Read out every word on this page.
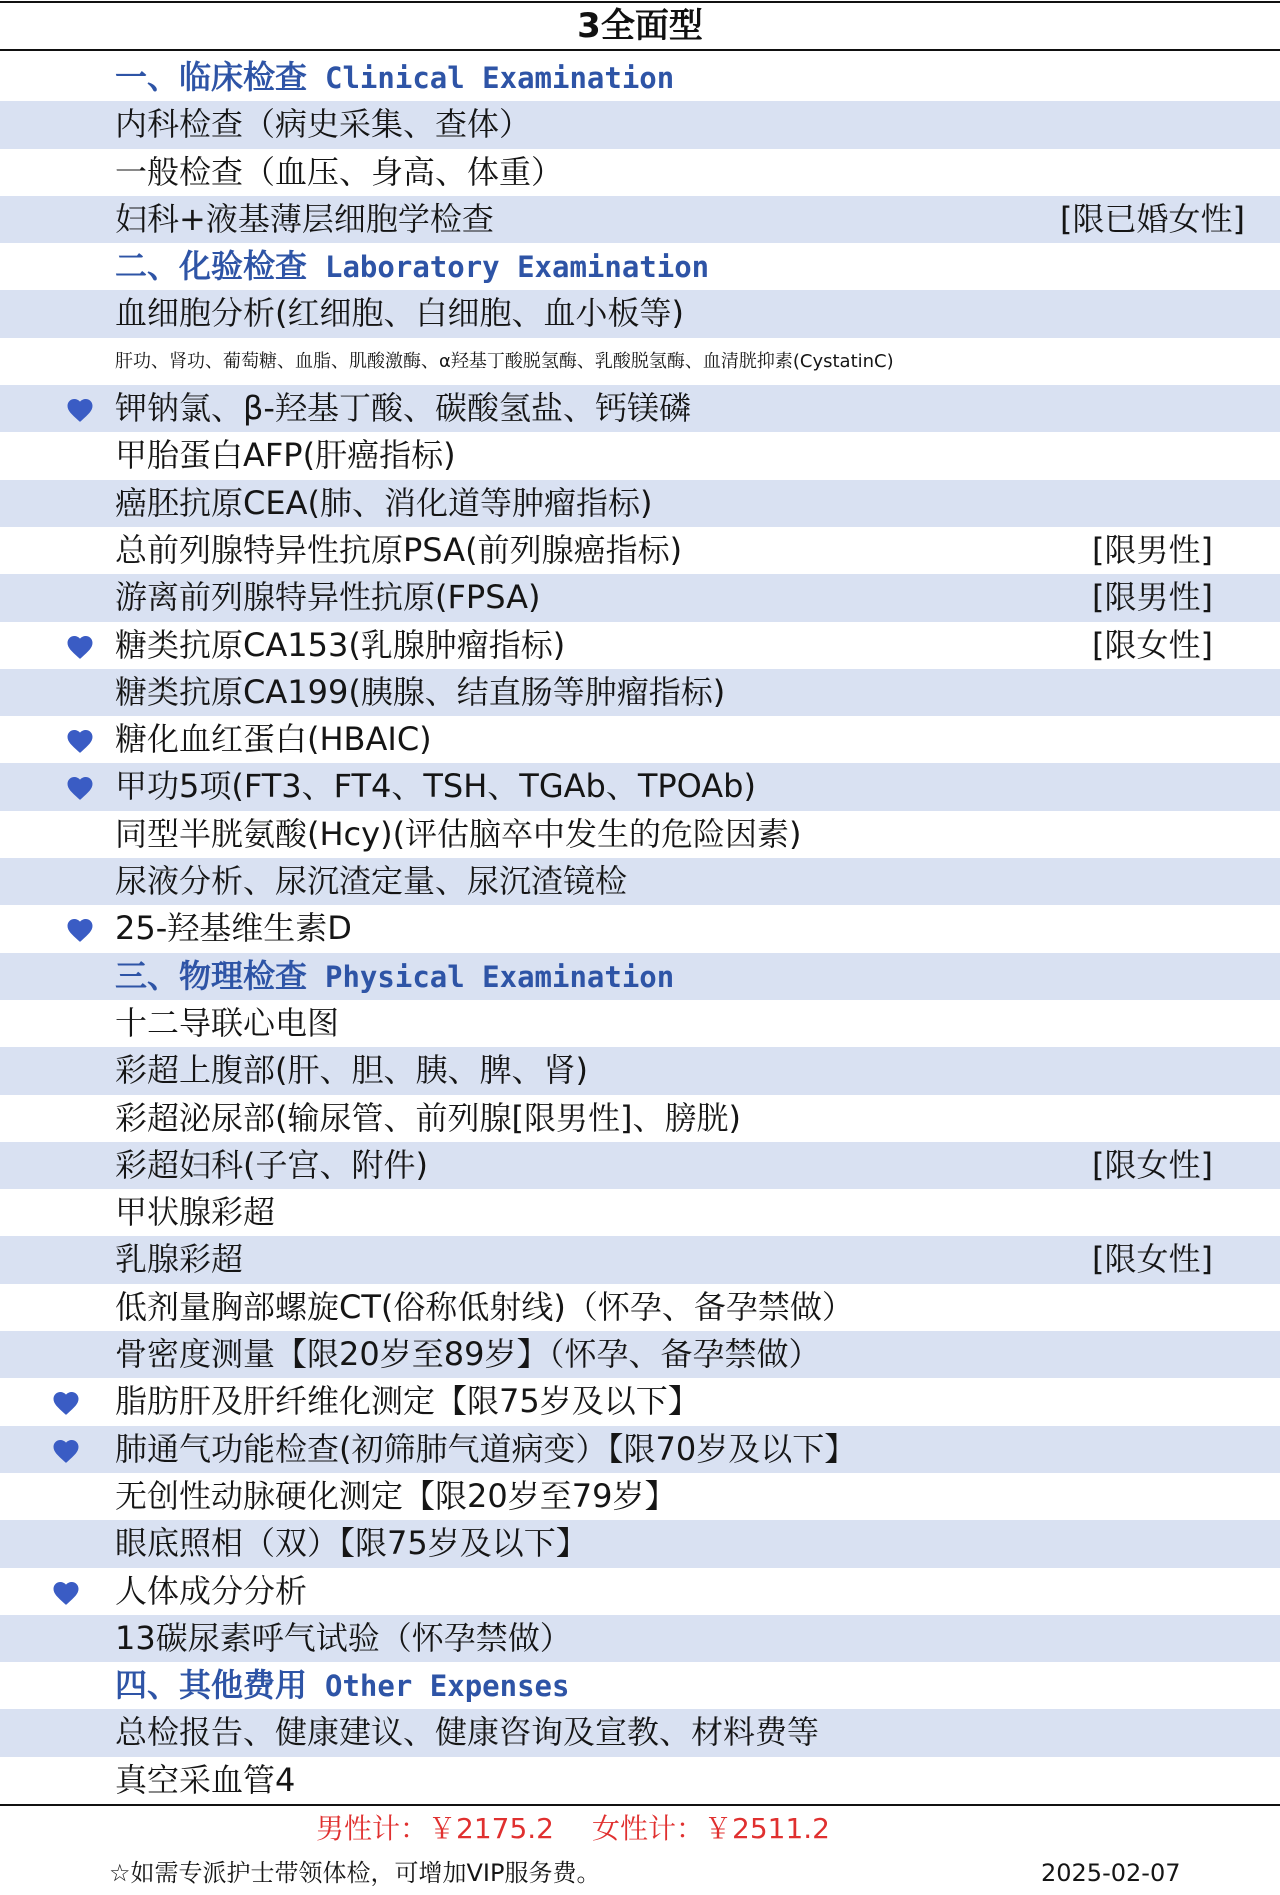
3全面型
一、临床检查 Clinical Examination
内科检查（病史采集、查体）
一般检查（血压、身高、体重）
妇科+液基薄层细胞学检查	[限已婚女性]
二、化验检查 Laboratory Examination
血细胞分析(红细胞、白细胞、血小板等)
肝功、肾功、葡萄糖、血脂、肌酸激酶、α羟基丁酸脱氢酶、乳酸脱氢酶、血清胱抑素(CystatinC)
钾钠氯、β-羟基丁酸、碳酸氢盐、钙镁磷
甲胎蛋白AFP(肝癌指标)
癌胚抗原CEA(肺、消化道等肿瘤指标)
总前列腺特异性抗原PSA(前列腺癌指标)	[限男性]
游离前列腺特异性抗原(FPSA)	[限男性]
糖类抗原CA153(乳腺肿瘤指标)	[限女性]
糖类抗原CA199(胰腺、结直肠等肿瘤指标)
糖化血红蛋白(HBAIC)
甲功5项(FT3、FT4、TSH、TGAb、TPOAb)
同型半胱氨酸(Hcy)(评估脑卒中发生的危险因素)
尿液分析、尿沉渣定量、尿沉渣镜检
25-羟基维生素D
三、物理检查 Physical Examination
十二导联心电图
彩超上腹部(肝、胆、胰、脾、肾)
彩超泌尿部(输尿管、前列腺[限男性]、膀胱)
彩超妇科(子宫、附件)	[限女性]
甲状腺彩超
乳腺彩超	[限女性]
低剂量胸部螺旋CT(俗称低射线)（怀孕、备孕禁做）
骨密度测量【限20岁至89岁】（怀孕、备孕禁做）
脂肪肝及肝纤维化测定【限75岁及以下】
肺通气功能检查(初筛肺气道病变）【限70岁及以下】
无创性动脉硬化测定【限20岁至79岁】
眼底照相（双）【限75岁及以下】
人体成分分析
13碳尿素呼气试验（怀孕禁做）
四、其他费用 Other Expenses
总检报告、健康建议、健康咨询及宣教、材料费等
真空采血管4
男性计：￥2175.2 女性计：￥2511.2
☆如需专派护士带领体检，可增加VIP服务费。	2025-02-07
